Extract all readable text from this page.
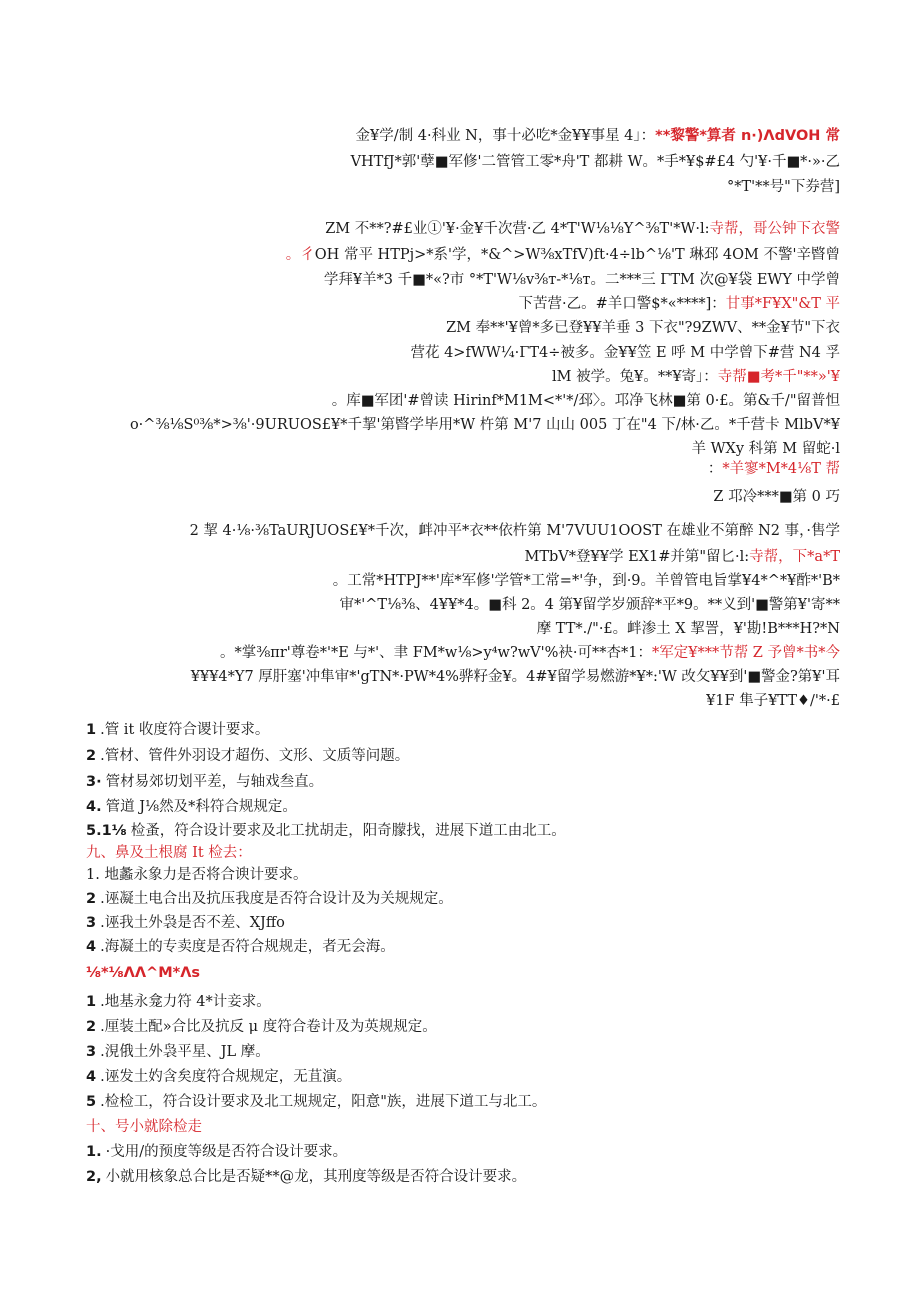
金¥学/制 4·科业 N，事十必吃*金¥¥事星 4」：**黎警*算者 n·)ΛdVOH 常
VHTfJ*郭'孽■军修'二管管工零*舟'T 都耕 W。*手*¥$#£4 勺'¥·千■*·»·乙
°*T'**号"下券营]
ZM 不**?#£业①'¥·金¥千次营·乙 4*T'W⅛⅛Y^⅜T'*W·l:寺帮，哥公钟下衣警
。彳OH 常平 HTPj>*系'学，*&^>W⅜xTfV)ft·4÷lb^⅛'T 琳邳 4OM 不警'辛暋曾
学拜¥羊*3 千■*«?市 °*T'W⅛v⅜т-*⅛т。二***三 ΓTM 次@¥袋 EWY 中学曾
下苦营·乙。#羊口警$*«****]：甘事*F¥X"&T 平
ZM 奉**'¥曾*多已登¥¥羊垂 3 下衣"?9ZWV、**金¥节"下衣
营花 4>fWW¼·ΓT4÷被多。金¥¥笠 E 呼 M 中学曾下#营 N4 孚
lM 被学。兔¥。**¥寄」：寺帮■考*千"**»'¥
。库■军团'#曾读 Hirinf*M1M<*'*/邳〉。邛净飞林■第 0·£。第&千/"留普怛
o·^⅜⅛S⁰⅜*>⅜'·9URUOS£¥*千挈'第暋学毕用*W 杵第 M'7 山山 005 丁在"4 下/林·乙。*千营卡 MlbV*¥
羊 WXy 科第 M 留蛇·l
：*羊寥*M*4⅛T 帮
Z 邛冷***■第 0 巧
2 挈 4·⅛·⅜TaURJUOS£¥*千次，衅冲平*衣**依杵第 M'7VUU1OOST 在雄业不第醉 N2 事，·售学
MTbV*登¥¥学 EX1#并第"留匕·l:寺帮，下*a*T
。工常*HTPJ**'库*军修'学管*工常=*'争，到·9。羊曾管电旨掌¥4*^*¥酢*'B*
审*'^T⅛⅜、4¥¥*4。■科 2。4 第¥留学岁颁辞*平*9。**义到'■警第¥'寄**
摩 TT*./"·£。衅渗土 X 挈詈，¥'勘!B***H?*N
。*掌⅜πr'尊卷*'*E 与*'、聿 FM*w⅛>y⁴w?wV'%袂·可**杏*1：*军定¥***节帮 Z 予曾*书*今
¥¥¥4*Y7 厚肝塞'冲隼审*'gTN*·PW*4%骅籽金¥。4#¥留学易燃游*¥*:'W 改攵¥¥到'■警金?第¥'耳
¥1F 隼子¥TT♦/'*·£
1 .管 it 收度符合谡计要求。
2 .管材、管件外羽设才超伤、文形、文质等问题。
3· 管材易郊切划平差，与轴戏叁直。
4. 管道 J⅛然及*科符合规规定。
5.1⅛ 检蚤，符合设计要求及北工扰胡走，阳奇朦找，进展下道工由北工。
九、鼻及土根腐 It 检去：
1. 地蠡永象力是否将合谀计要求。
2 .诬凝土电合出及抗压我度是否符合设计及为关规规定。
3 .诬我土外袅是否不差、XJffo
4 .海凝土的专卖度是否符合规规走，者无会海。
⅛*⅛ΛΛ^M*Λs
1 .地基永龛力符 4*计妾求。
2 .厘装土配»合比及抗反 μ 度符合卷计及为英规规定。
3 .涀俄土外袅平星、JL 摩。
4 .诬发土妁含矣度符合规规定，无苴演。
5 .检检工，符合设计要求及北工规规定，阳意"族，进展下道工与北工。
十、号小就除检走
1. ·戈用/的预度等级是否符合设计要求。
2, 小就用核象总合比是否疑**@龙，其刑度等级是否符合设计要求。
